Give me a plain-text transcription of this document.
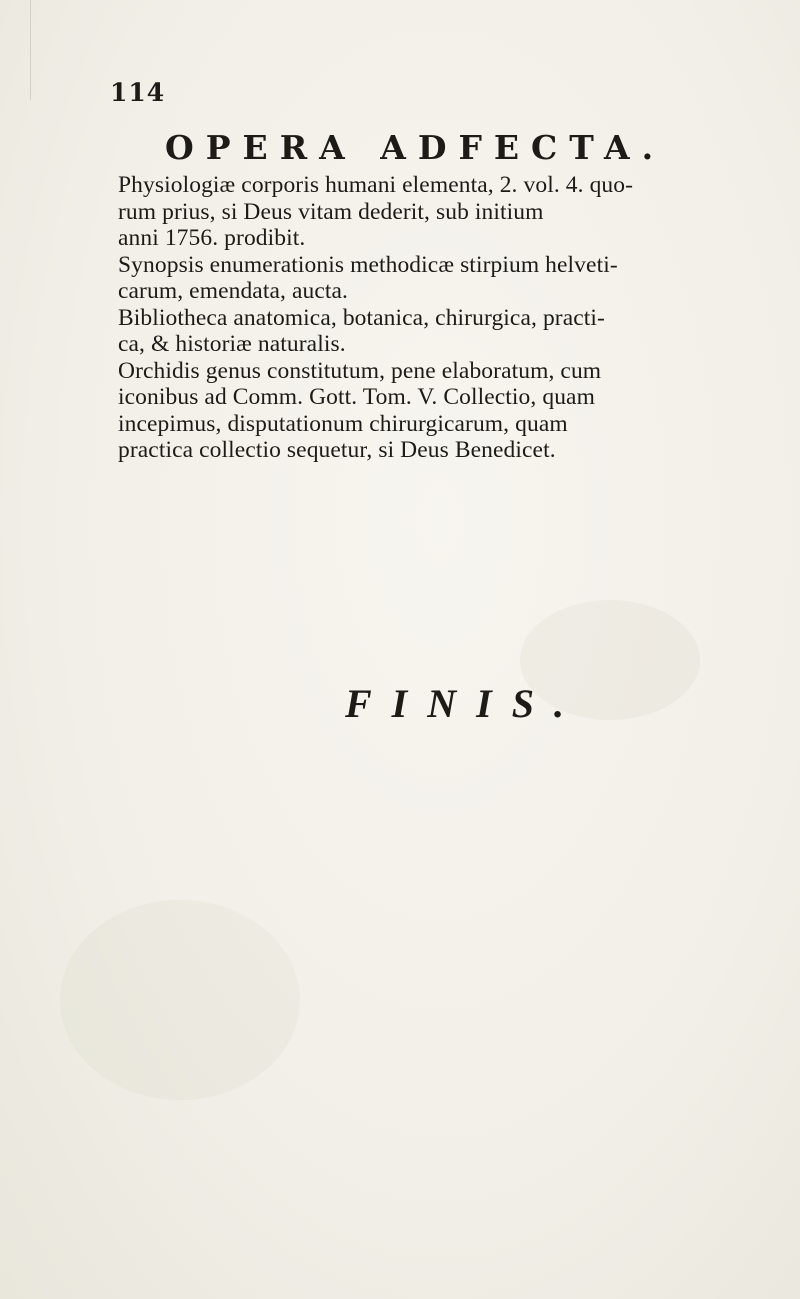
114
OPERA ADFECTA.
Physiologiæ corporis humani elementa, 2. vol. 4. quo-
rum prius, si Deus vitam dederit, sub initium
anni 1756. prodibit.
Synopsis enumerationis methodicæ stirpium helveti-
carum, emendata, aucta.
Bibliotheca anatomica, botanica, chirurgica, practi-
ca, & historiæ naturalis.
Orchidis genus constitutum, pene elaboratum, cum
iconibus ad Comm. Gott. Tom. V. Collectio, quam
incepimus, disputationum chirurgicarum, quam
practica collectio sequetur, si Deus Benedicet.
FINIS.
